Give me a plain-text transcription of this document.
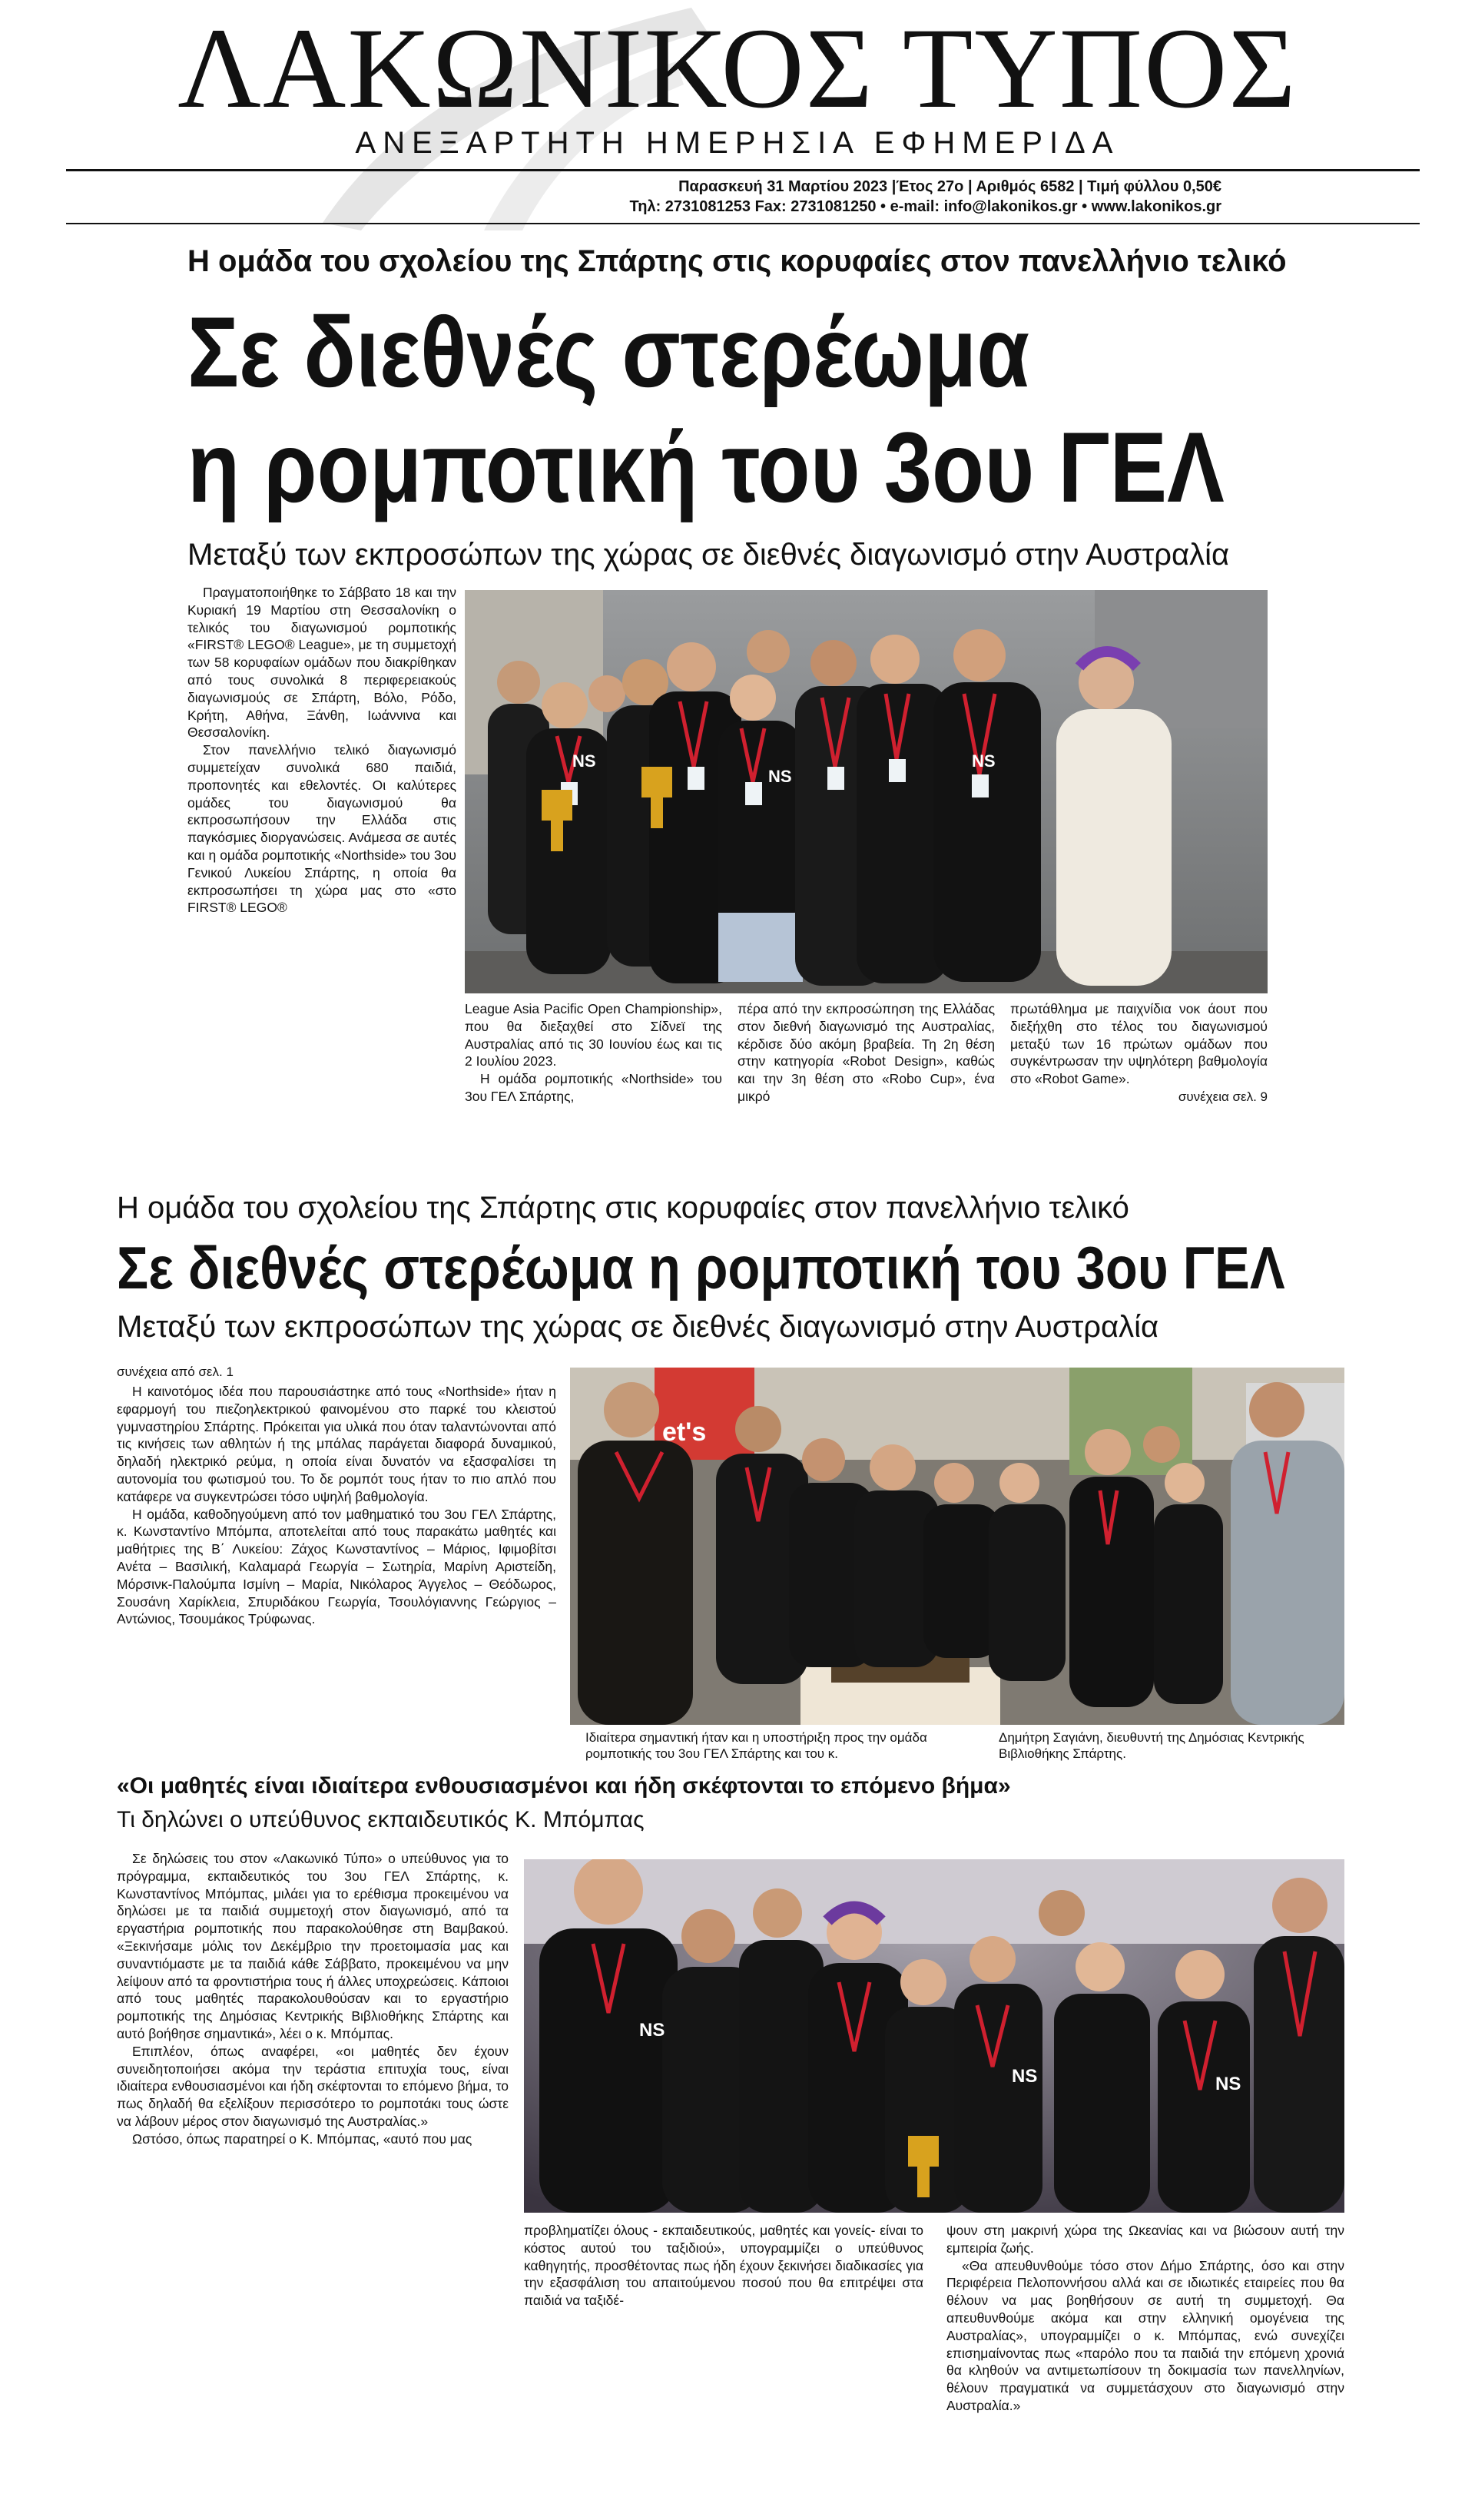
ΛΑΚΩΝΙΚΟΣ ΤΥΠΟΣ
ΑΝΕΞΑΡΤΗΤΗ ΗΜΕΡΗΣΙΑ ΕΦΗΜΕΡΙΔΑ
Παρασκευή 31 Μαρτίου 2023 |Έτος 27ο | Αριθμός 6582 | Τιμή φύλλου 0,50€
Τηλ: 2731081253 Fax: 2731081250 • e-mail: info@lakonikos.gr • www.lakonikos.gr
Η ομάδα του σχολείου της Σπάρτης στις κορυφαίες στον πανελλήνιο τελικό
Σε διεθνές στερέωμα
η ρομποτική του 3ου ΓΕΛ
Μεταξύ των εκπροσώπων της χώρας σε διεθνές διαγωνισμό στην Αυστραλία

Πραγματοποιήθηκε το Σάββατο 18 και την Κυριακή 19 Μαρτίου στη Θεσσαλονίκη ο τελικός του διαγωνισμού ρομποτικής «FIRST® LEGO® League», με τη συμμετοχή των 58 κορυφαίων ομάδων που διακρίθηκαν από τους συνολικά 8 περιφερειακούς διαγωνισμούς σε Σπάρτη, Βόλο, Ρόδο, Κρήτη, Αθήνα, Ξάνθη, Ιωάννινα και Θεσσαλονίκη.

Στον πανελλήνιο τελικό διαγωνισμό συμμετείχαν συνολικά 680 παιδιά, προπονητές και εθελοντές. Οι καλύτερες ομάδες του διαγωνισμού θα εκπροσωπήσουν την Ελλάδα στις παγκόσμιες διοργανώσεις. Ανάμεσα σε αυτές και η ομάδα ρομποτικής «Northside» του 3ου Γενικού Λυκείου Σπάρτης, η οποία θα εκπροσωπήσει τη χώρα μας στο «στο FIRST® LEGO®

NS
NS
NS

League Asia Pacific Open Championship», που θα διεξαχθεί στο Σίδνεϊ της Αυστραλίας από τις 30 Ιουνίου έως και τις 2 Ιουλίου 2023.

Η ομάδα ρομποτικής «Northside» του 3ου ΓΕΛ Σπάρτης,

πέρα από την εκπροσώπηση της Ελλάδας στον διεθνή διαγωνισμό της Αυστραλίας, κέρδισε δύο ακόμη βραβεία. Τη 2η θέση στην κατηγορία «Robot Design», καθώς και την 3η θέση στο «Robo Cup», ένα μικρό

πρωτάθλημα με παιχνίδια νοκ άουτ που διεξήχθη στο τέλος του διαγωνισμού μεταξύ των 16 πρώτων ομάδων που συγκέντρωσαν την υψηλότερη βαθμολογία στο «Robot Game».

συνέχεια σελ. 9
Η ομάδα του σχολείου της Σπάρτης στις κορυφαίες στον πανελλήνιο τελικό
Σε διεθνές στερέωμα η ρομποτική του 3ου ΓΕΛ
Μεταξύ των εκπροσώπων της χώρας σε διεθνές διαγωνισμό στην Αυστραλία
συνέχεια από σελ. 1

Η καινοτόμος ιδέα που παρουσιάστηκε από τους «Northside» ήταν η εφαρμογή του πιεζοηλεκτρικού φαινομένου στο παρκέ του κλειστού γυμναστηρίου Σπάρτης. Πρόκειται για υλικά που όταν ταλαντώνονται από τις κινήσεις των αθλητών ή της μπάλας παράγεται διαφορά δυναμικού, δηλαδή ηλεκτρικό ρεύμα, η οποία είναι δυνατόν να εξασφαλίσει τη αυτονομία του φωτισμού του. Το δε ρομπότ τους ήταν το πιο απλό που κατάφερε να συγκεντρώσει τόσο υψηλή βαθμολογία.

Η ομάδα, καθοδηγούμενη από τον μαθηματικό του 3ου ΓΕΛ Σπάρτης, κ. Κωνσταντίνο Μπόμπα, αποτελείται από τους παρακάτω μαθητές και μαθήτριες της Β΄ Λυκείου: Ζάχος Κωνσταντίνος – Μάριος, Ιφιμοβίτσι Ανέτα – Βασιλική, Καλαμαρά Γεωργία – Σωτηρία, Μαρίνη Αριστείδη, Μόρσινκ-Παλούμπα Ισμίνη – Μαρία, Νικόλαρος Άγγελος – Θεόδωρος, Σουσάνη Χαρίκλεια, Σπυριδάκου Γεωργία, Τσουλόγιαννης Γεώργιος – Αντώνιος, Τσουμάκος Τρύφωνας.

et's
Ιδιαίτερα σημαντική ήταν και η υποστήριξη προς την ομάδα ρομποτικής του 3ου ΓΕΛ Σπάρτης και του κ.
Δημήτρη Σαγιάνη, διευθυντή της Δημόσιας Κεντρικής Βιβλιοθήκης Σπάρτης.
«Οι μαθητές είναι ιδιαίτερα ενθουσιασμένοι και ήδη σκέφτονται το επόμενο βήμα»
Τι δηλώνει ο υπεύθυνος εκπαιδευτικός Κ. Μπόμπας

Σε δηλώσεις του στον «Λακωνικό Τύπο» ο υπεύθυνος για το πρόγραμμα, εκπαιδευτικός του 3ου ΓΕΛ Σπάρτης, κ. Κωνσταντίνος Μπόμπας, μιλάει για το ερέθισμα προκειμένου να δηλώσει με τα παιδιά συμμετοχή στον διαγωνισμό, από τα εργαστήρια ρομποτικής που παρακολούθησε στη Βαμβακού. «Ξεκινήσαμε μόλις τον Δεκέμβριο την προετοιμασία μας και συναντιόμαστε με τα παιδιά κάθε Σάββατο, προκειμένου να μην λείψουν από τα φροντιστήρια τους ή άλλες υποχρεώσεις. Κάποιοι από τους μαθητές παρακολουθούσαν και το εργαστήριο ρομποτικής της Δημόσιας Κεντρικής Βιβλιοθήκης Σπάρτης και αυτό βοήθησε σημαντικά», λέει ο κ. Μπόμπας.

Επιπλέον, όπως αναφέρει, «οι μαθητές δεν έχουν συνειδητοποιήσει ακόμα την τεράστια επιτυχία τους, είναι ιδιαίτερα ενθουσιασμένοι και ήδη σκέφτονται το επόμενο βήμα, το πως δηλαδή θα εξελίξουν περισσότερο το ρομποτάκι τους ώστε να λάβουν μέρος στον διαγωνισμό της Αυστραλίας.»

Ωστόσο, όπως παρατηρεί ο Κ. Μπόμπας, «αυτό που μας

NS
NS	NS

προβληματίζει όλους - εκπαιδευτικούς, μαθητές και γονείς- είναι το κόστος αυτού του ταξιδιού», υπογραμμίζει ο υπεύθυνος καθηγητής, προσθέτοντας πως ήδη έχουν ξεκινήσει διαδικασίες για την εξασφάλιση του απαιτούμενου ποσού που θα επιτρέψει στα παιδιά να ταξιδέ-

ψουν στη μακρινή χώρα της Ωκεανίας και να βιώσουν αυτή την εμπειρία ζωής.

«Θα απευθυνθούμε τόσο στον Δήμο Σπάρτης, όσο και στην Περιφέρεια Πελοποννήσου αλλά και σε ιδιωτικές εταιρείες που θα θέλουν να μας βοηθήσουν σε αυτή τη συμμετοχή. Θα απευθυνθούμε ακόμα και στην ελληνική ομογένεια της Αυστραλίας», υπογραμμίζει ο κ. Μπόμπας, ενώ συνεχίζει επισημαίνοντας πως «παρόλο που τα παιδιά την επόμενη χρονιά θα κληθούν να αντιμετωπίσουν τη δοκιμασία των πανελληνίων, θέλουν πραγματικά να συμμετάσχουν στο διαγωνισμό στην Αυστραλία.»
